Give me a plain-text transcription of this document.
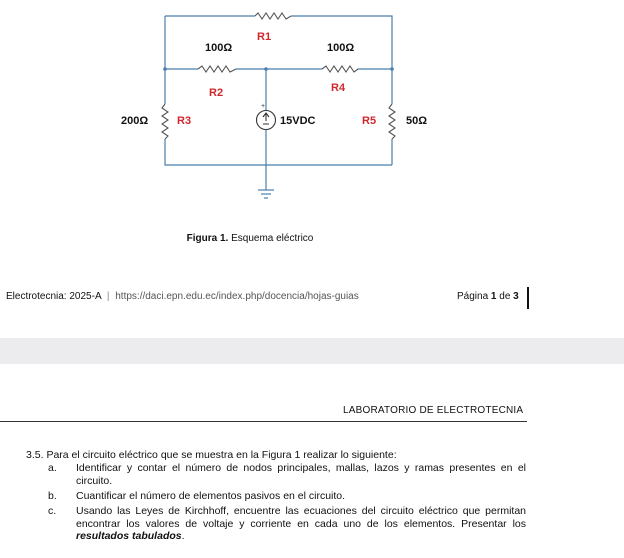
+
R1
100Ω	100Ω
R2	R4
200Ω	R3	15VDC	R5	50Ω
Figura 1. Esquema eléctrico
Electrotecnia: 2025-A | https://daci.epn.edu.ec/index.php/docencia/hojas-guias	Página 1 de 3
LABORATORIO DE ELECTROTECNIA
3.5. Para el circuito eléctrico que se muestra en la Figura 1 realizar lo siguiente:
a. Identificar y contar el número de nodos principales, mallas, lazos y ramas presentes en el circuito.
b. Cuantificar el número de elementos pasivos en el circuito.
c. Usando las Leyes de Kirchhoff, encuentre las ecuaciones del circuito eléctrico que permitan encontrar los valores de voltaje y corriente en cada uno de los elementos. Presentar los resultados tabulados.
